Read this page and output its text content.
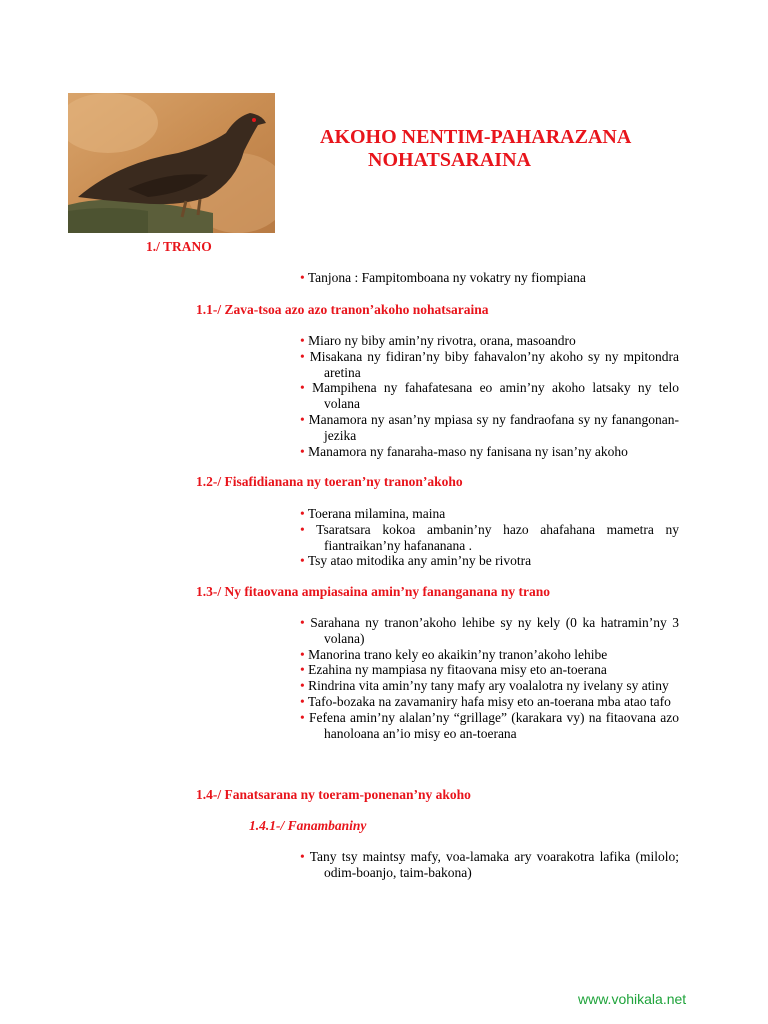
AKOHO NENTIM-PAHARAZANA
NOHATSARAINA
1./ TRANO
• Tanjona : Fampitomboana ny vokatry ny fiompiana
1.1-/ Zava-tsoa azo azo tranon’akoho nohatsaraina
• Miaro ny biby amin’ny rivotra, orana, masoandro
• Misakana ny fidiran’ny biby fahavalon’ny akoho sy ny mpitondra aretina
• Mampihena ny fahafatesana eo amin’ny akoho latsaky ny telo volana
• Manamora ny asan’ny mpiasa sy ny fandraofana sy ny fanangonan-jezika
• Manamora ny fanaraha-maso ny fanisana ny isan’ny akoho
1.2-/ Fisafidianana ny toeran’ny tranon’akoho
• Toerana milamina, maina
• Tsaratsara kokoa ambanin’ny hazo ahafahana mametra ny fiantraikan’ny hafananana .
• Tsy atao mitodika any amin’ny be rivotra
1.3-/ Ny fitaovana ampiasaina amin’ny fananganana ny trano
• Sarahana ny tranon’akoho lehibe sy ny kely (0 ka hatramin’ny 3 volana)
• Manorina trano kely eo akaikin’ny tranon’akoho lehibe
• Ezahina ny mampiasa ny fitaovana misy eto an-toerana
• Rindrina vita amin’ny tany mafy ary voalalotra ny ivelany sy atiny
• Tafo-bozaka na zavamaniry hafa misy eto an-toerana mba atao tafo
• Fefena amin’ny alalan’ny “grillage” (karakara vy) na fitaovana azo hanoloana an’io misy eo an-toerana
1.4-/ Fanatsarana ny toeram-ponenan’ny akoho
1.4.1-/ Fanambaniny
• Tany tsy maintsy mafy, voa-lamaka ary voarakotra lafika (milolo; odim-boanjo, taim-bakona)
www.vohikala.net
